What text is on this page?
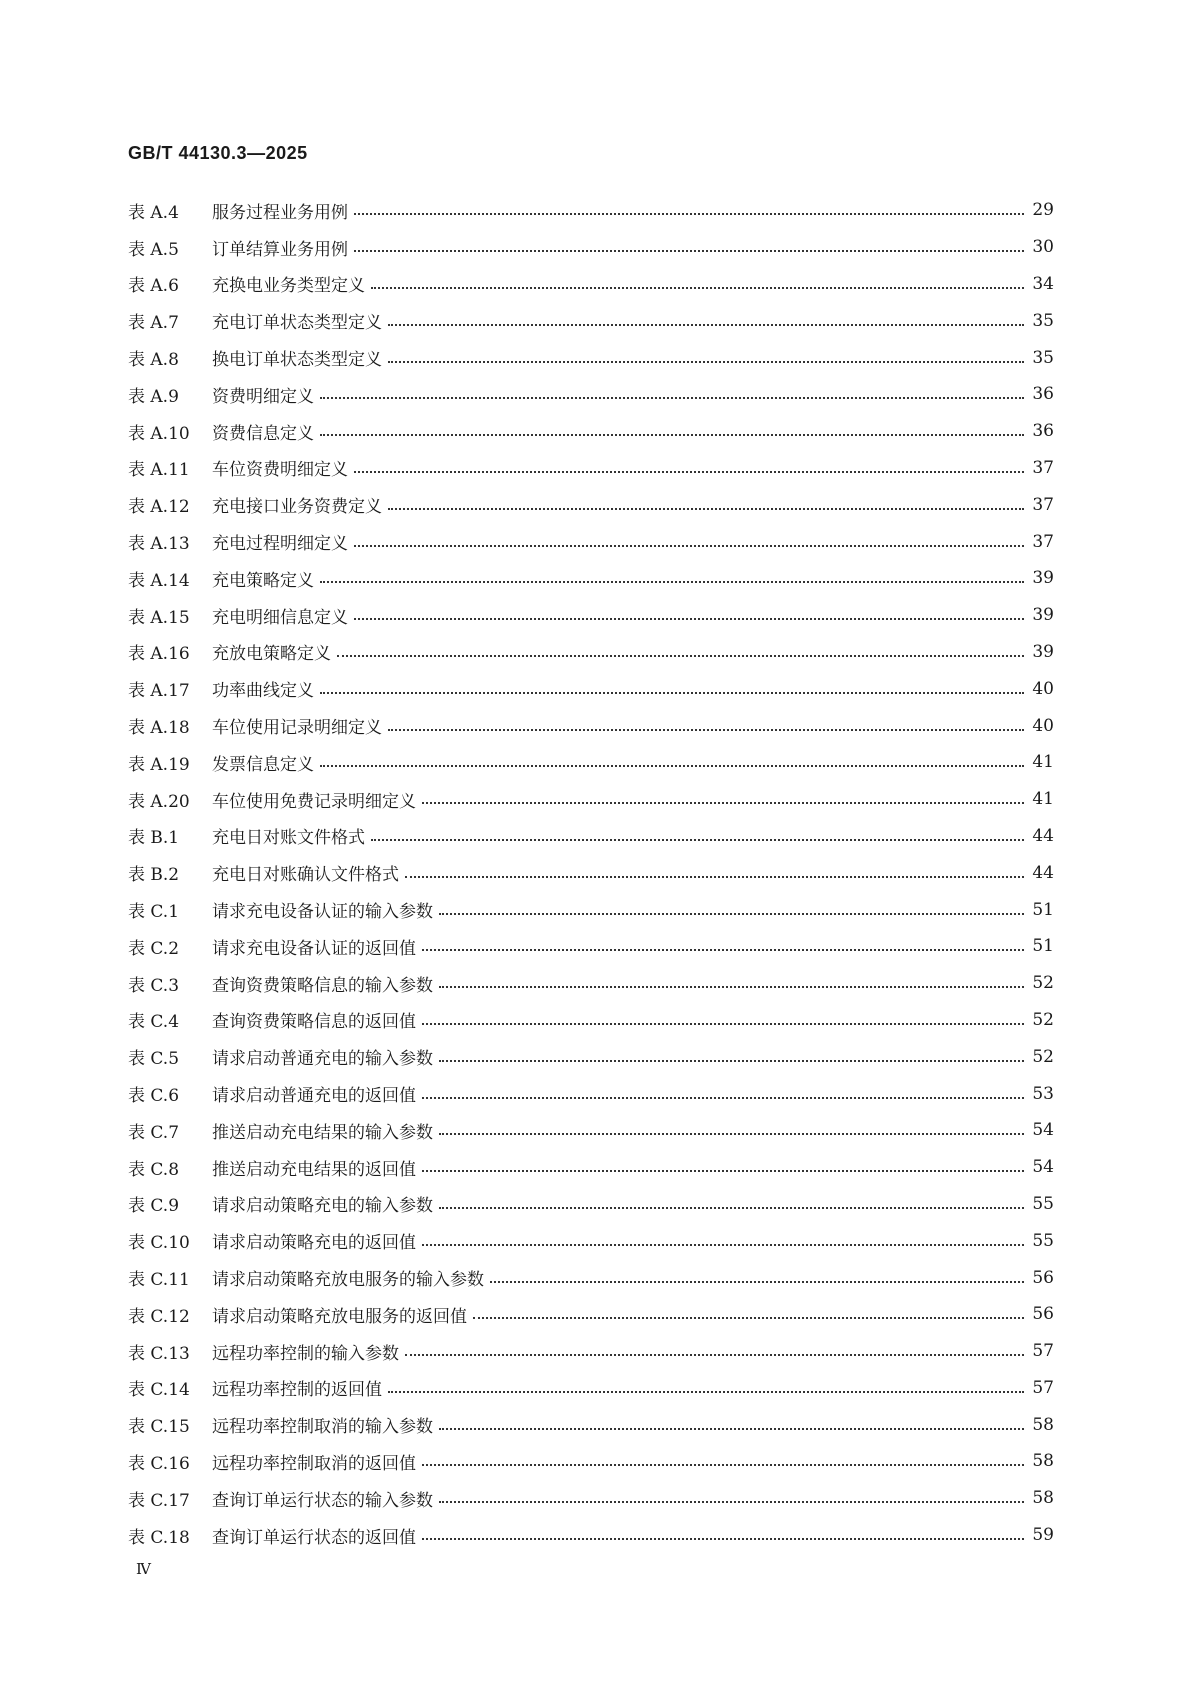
GB/T 44130.3—2025
表 A.4	服务过程业务用例	29
表 A.5	订单结算业务用例	30
表 A.6	充换电业务类型定义	34
表 A.7	充电订单状态类型定义	35
表 A.8	换电订单状态类型定义	35
表 A.9	资费明细定义	36
表 A.10	资费信息定义	36
表 A.11	车位资费明细定义	37
表 A.12	充电接口业务资费定义	37
表 A.13	充电过程明细定义	37
表 A.14	充电策略定义	39
表 A.15	充电明细信息定义	39
表 A.16	充放电策略定义	39
表 A.17	功率曲线定义	40
表 A.18	车位使用记录明细定义	40
表 A.19	发票信息定义	41
表 A.20	车位使用免费记录明细定义	41
表 B.1	充电日对账文件格式	44
表 B.2	充电日对账确认文件格式	44
表 C.1	请求充电设备认证的输入参数	51
表 C.2	请求充电设备认证的返回值	51
表 C.3	查询资费策略信息的输入参数	52
表 C.4	查询资费策略信息的返回值	52
表 C.5	请求启动普通充电的输入参数	52
表 C.6	请求启动普通充电的返回值	53
表 C.7	推送启动充电结果的输入参数	54
表 C.8	推送启动充电结果的返回值	54
表 C.9	请求启动策略充电的输入参数	55
表 C.10	请求启动策略充电的返回值	55
表 C.11	请求启动策略充放电服务的输入参数	56
表 C.12	请求启动策略充放电服务的返回值	56
表 C.13	远程功率控制的输入参数	57
表 C.14	远程功率控制的返回值	57
表 C.15	远程功率控制取消的输入参数	58
表 C.16	远程功率控制取消的返回值	58
表 C.17	查询订单运行状态的输入参数	58
表 C.18	查询订单运行状态的返回值	59
Ⅳ
